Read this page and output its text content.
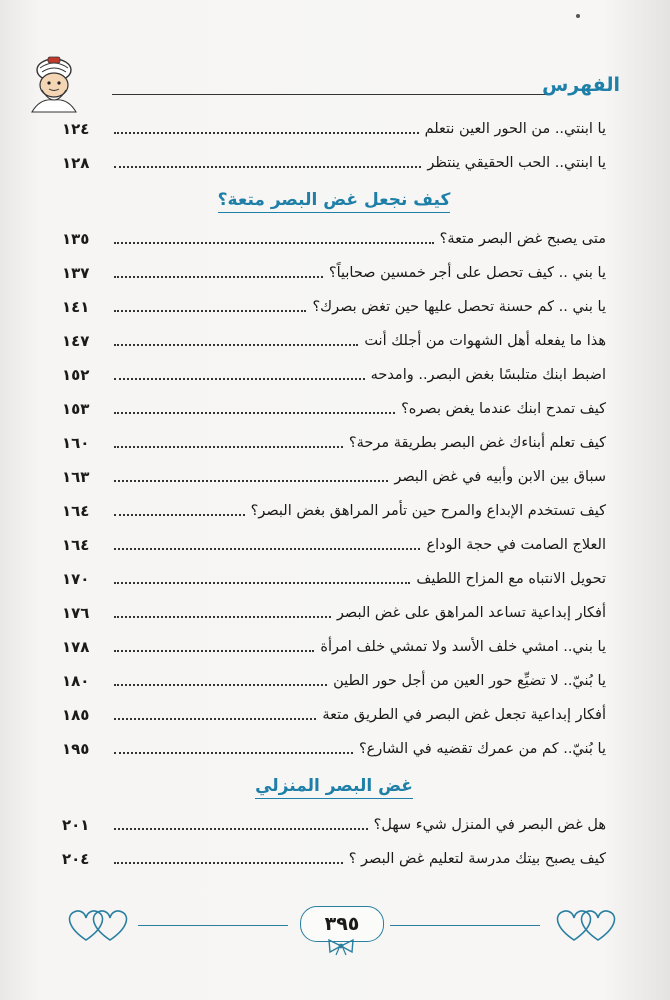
الفهرس
يا ابنتي.. من الحور العين نتعلم
١٢٤
يا ابنتي.. الحب الحقيقي ينتظر
١٢٨
كيف نجعل غض البصر متعة؟
متى يصبح غض البصر متعة؟
١٣٥
يا بني .. كيف تحصل على أجر خمسين صحابياً؟
١٣٧
يا بني .. كم حسنة تحصل عليها حين تغض بصرك؟
١٤١
هذا ما يفعله أهل الشهوات من أجلك أنت
١٤٧
اضبط ابنك متلبسًا بغض البصر.. وامدحه
١٥٢
كيف تمدح ابنك عندما يغض بصره؟
١٥٣
كيف تعلم أبناءك غض البصر بطريقة مرحة؟
١٦٠
سباق بين الابن وأبيه في غض البصر
١٦٣
كيف تستخدم الإبداع والمرح حين تأمر المراهق بغض البصر؟
١٦٤
العلاج الصامت في حجة الوداع
١٦٤
تحويل الانتباه مع المزاح اللطيف
١٧٠
أفكار إبداعية تساعد المراهق على غض البصر
١٧٦
يا بني.. امشي خلف الأسد ولا تمشي خلف امرأة
١٧٨
يا بُنيّ.. لا تضيِّع حور العين من أجل حور الطين
١٨٠
أفكار إبداعية تجعل غض البصر في الطريق متعة
١٨٥
يا بُنيّ.. كم من عمرك تقضيه في الشارع؟
١٩٥
غض البصر المنزلي
هل غض البصر في المنزل شيء سهل؟
٢٠١
كيف يصبح بيتك مدرسة لتعليم غض البصر ؟
٢٠٤
٣٩٥
